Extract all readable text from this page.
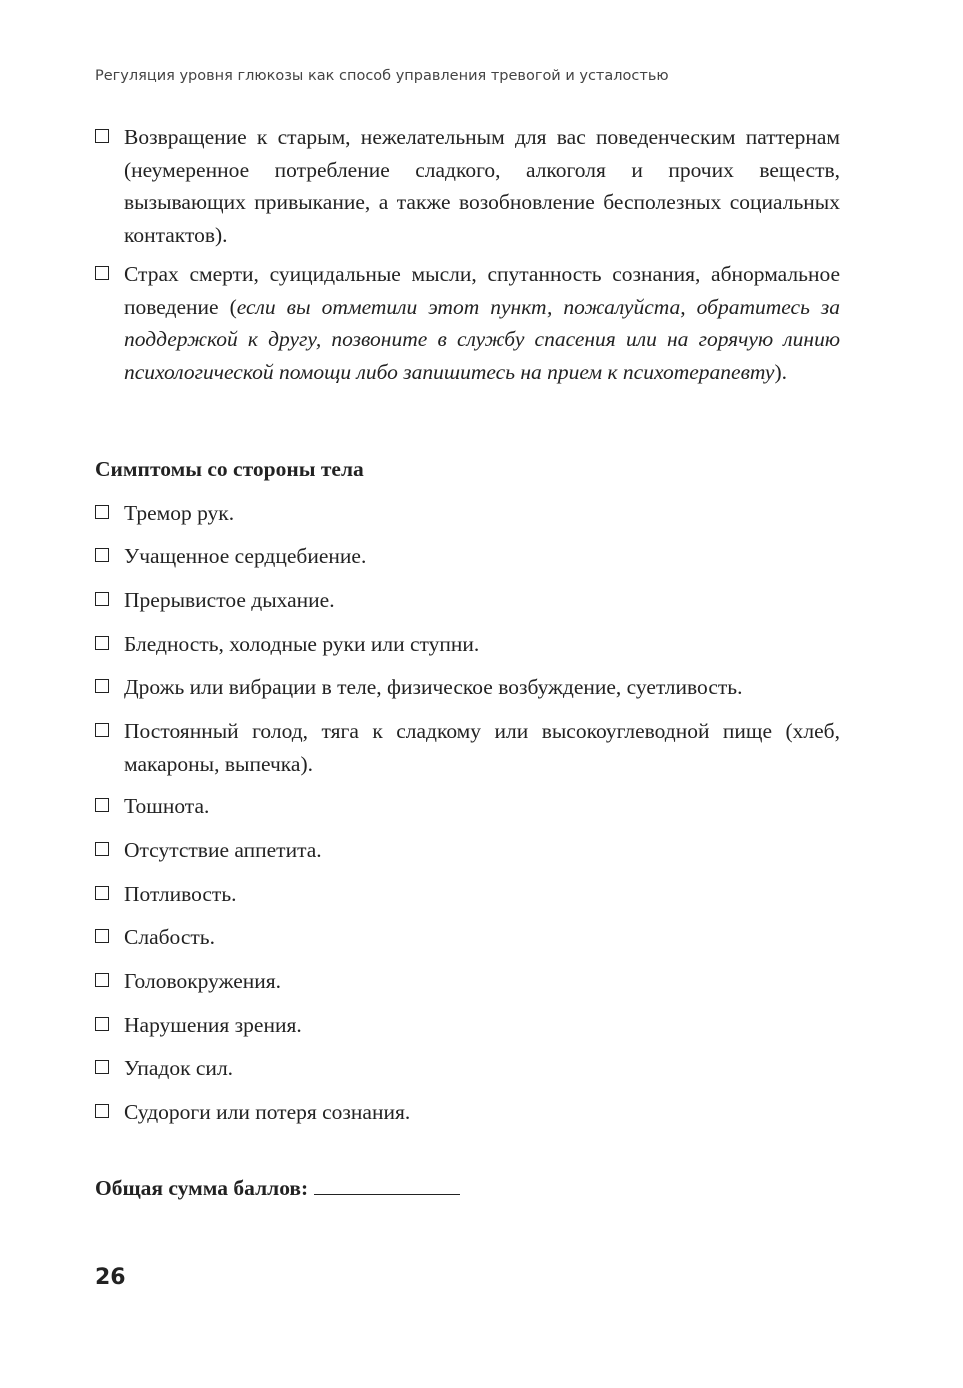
Регуляция уровня глюкозы как способ управления тревогой и усталостью
Возвращение к старым, нежелательным для вас поведенческим паттернам (неумеренное потребление сладкого, алкоголя и прочих веществ, вызывающих привыкание, а также возобновление бесполезных социальных контактов).
Страх смерти, суицидальные мысли, спутанность сознания, абнормальное поведение (если вы отметили этот пункт, пожалуйста, обратитесь за поддержкой к другу, позвоните в службу спасения или на горячую линию психологической помощи либо запишитесь на прием к психотерапевту).
Симптомы со стороны тела
Тремор рук.
Учащенное сердцебиение.
Прерывистое дыхание.
Бледность, холодные руки или ступни.
Дрожь или вибрации в теле, физическое возбуждение, суетливость.
Постоянный голод, тяга к сладкому или высокоуглеводной пище (хлеб, макароны, выпечка).
Тошнота.
Отсутствие аппетита.
Потливость.
Слабость.
Головокружения.
Нарушения зрения.
Упадок сил.
Судороги или потеря сознания.
Общая сумма баллов:
26
